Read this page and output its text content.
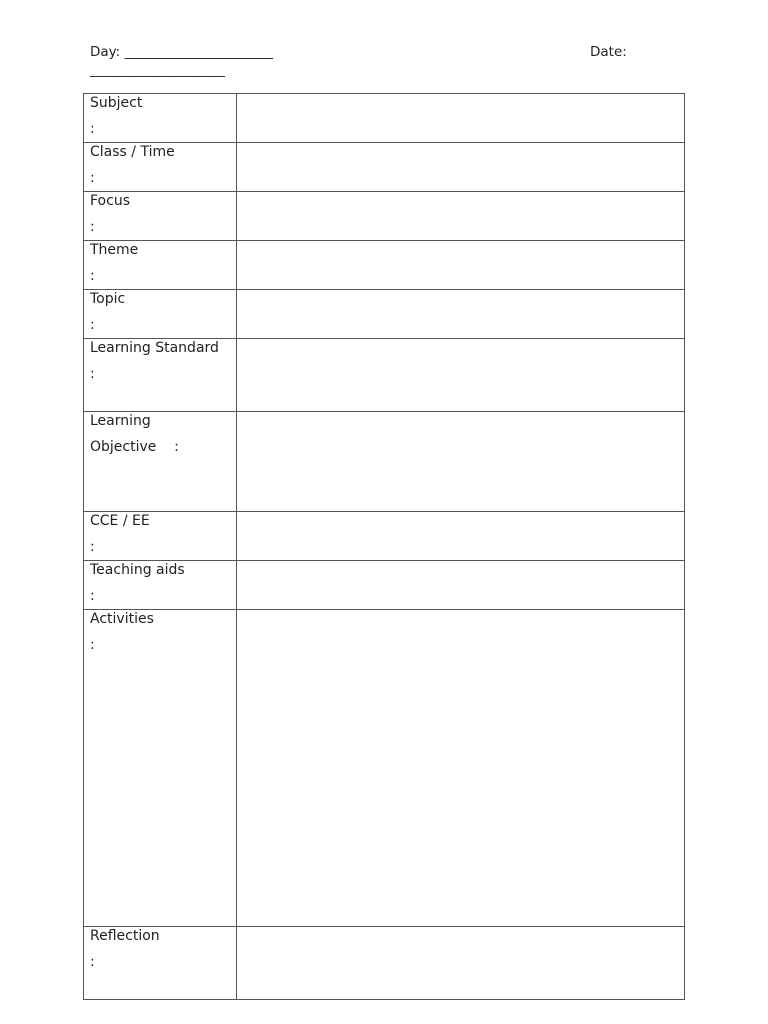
Day: ______________________	Date:
____________________
Subject
:	

Class / Time
:	

Focus
:	

Theme
:	

Topic
:	

Learning Standard
:	

Learning
Objective    :	

CCE / EE
:	

Teaching aids
:	

Activities
:	

Reflection
:	
